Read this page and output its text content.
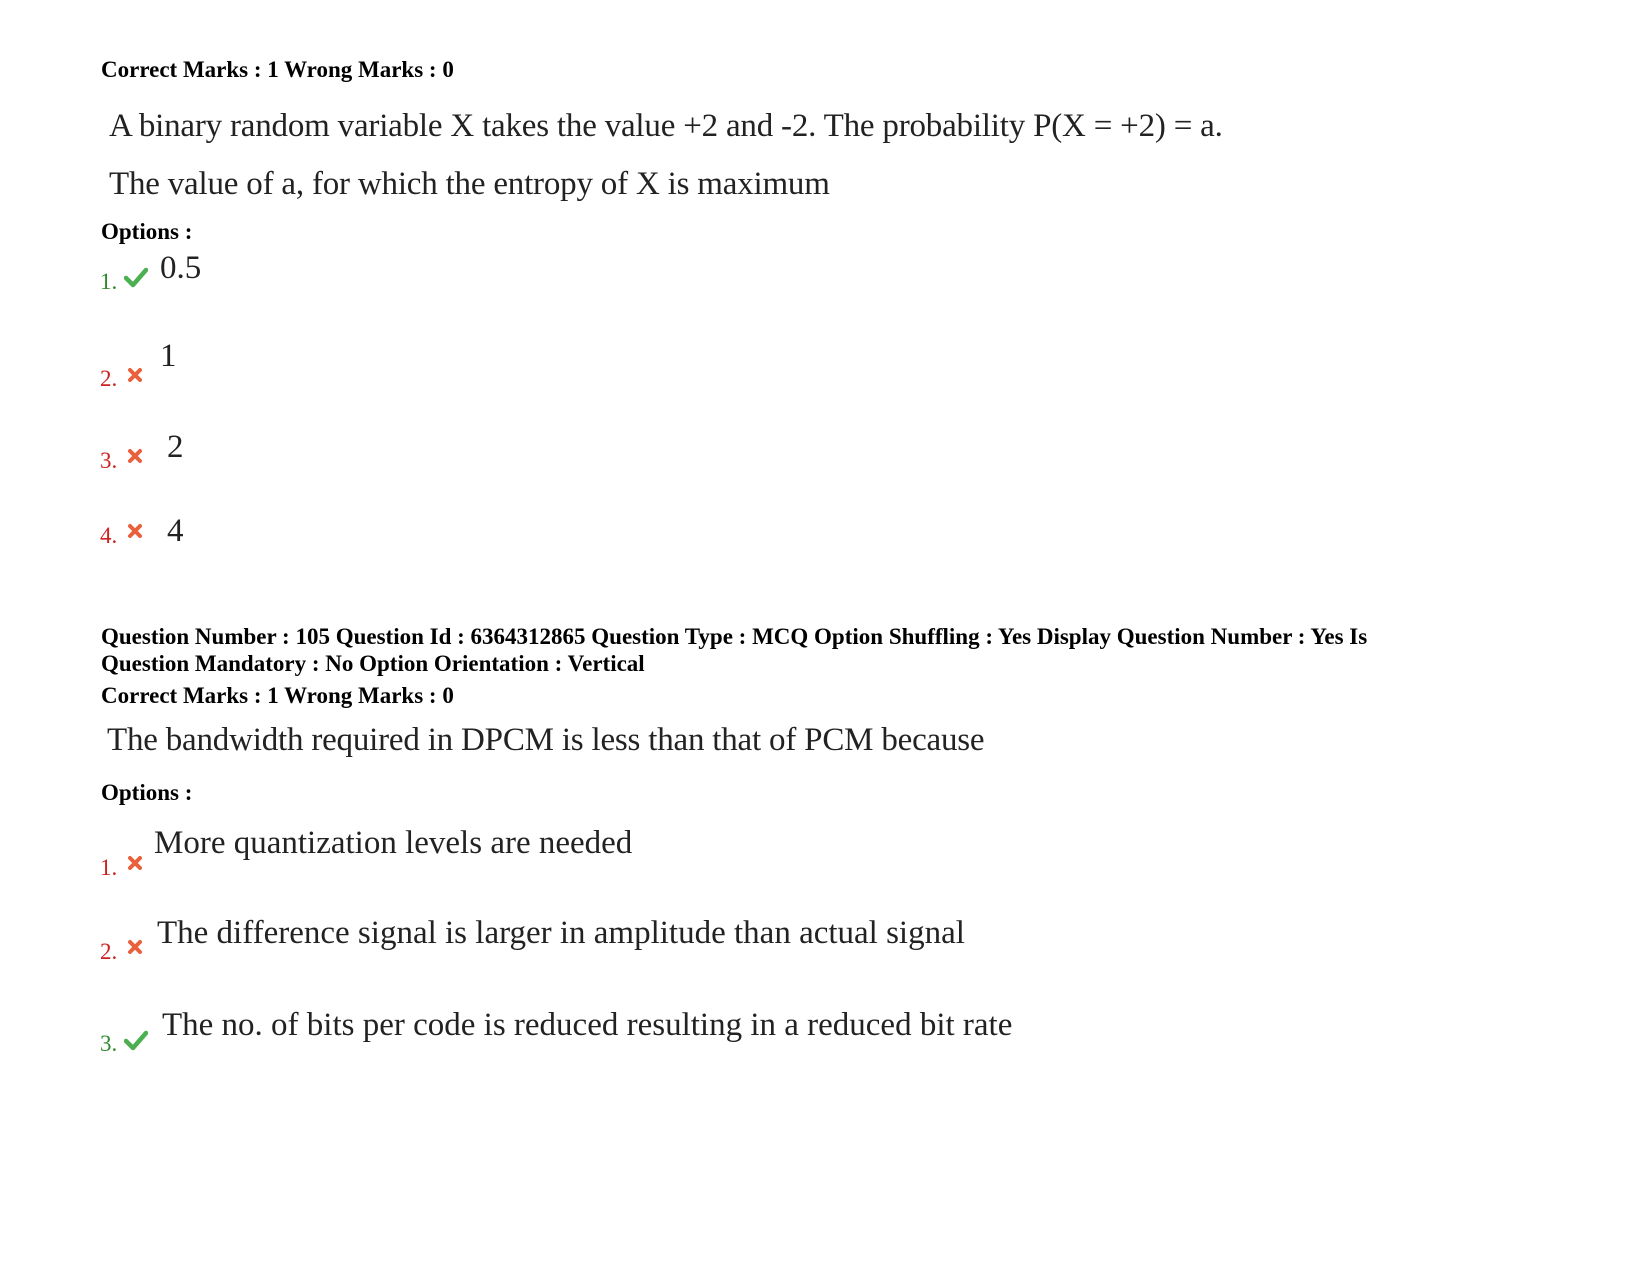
Correct Marks : 1 Wrong Marks : 0
A binary random variable X takes the value +2 and -2. The probability P(X = +2) = a.
The value of a, for which the entropy of X is maximum
Options :
1. 0.5
2.
1
3. 2
4. 4
Question Number : 105 Question Id : 6364312865 Question Type : MCQ Option Shuffling : Yes Display Question Number : Yes Is
Question Mandatory : No Option Orientation : Vertical
Correct Marks : 1 Wrong Marks : 0
The bandwidth required in DPCM is less than that of PCM because
Options :
1.
More quantization levels are needed
2.
The difference signal is larger in amplitude than actual signal
3.
The no. of bits per code is reduced resulting in a reduced bit rate
